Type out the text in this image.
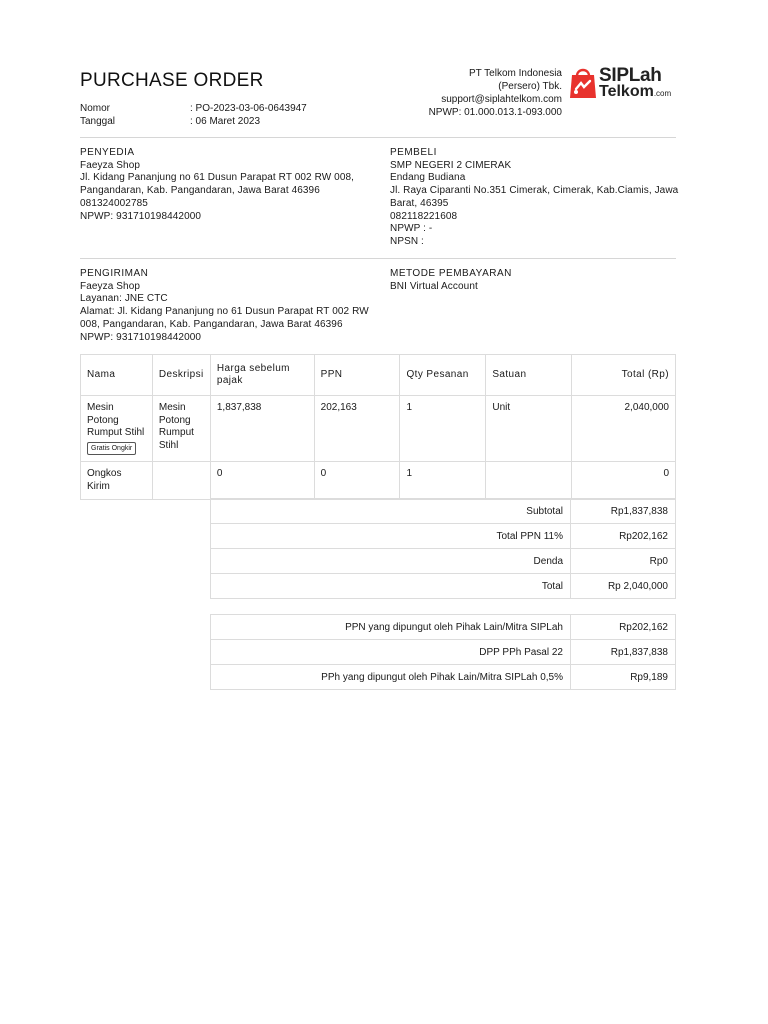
PURCHASE ORDER
Nomor	: PO-2023-03-06-0643947
Tanggal	: 06 Maret 2023
PT Telkom Indonesia
(Persero) Tbk.
support@siplahtelkom.com
NPWP: 01.000.013.1-093.000
SIPLah
Telkom.com
PENYEDIA
Faeyza Shop
Jl. Kidang Pananjung no 61 Dusun Parapat RT 002 RW 008,
Pangandaran, Kab. Pangandaran, Jawa Barat 46396
081324002785
NPWP: 931710198442000
PEMBELI
SMP NEGERI 2 CIMERAK
Endang Budiana
Jl. Raya Ciparanti No.351 Cimerak, Cimerak, Kab.Ciamis, Jawa
Barat, 46395
082118221608
NPWP : -
NPSN :
PENGIRIMAN
Faeyza Shop
Layanan: JNE CTC
Alamat: Jl. Kidang Pananjung no 61 Dusun Parapat RT 002 RW
008, Pangandaran, Kab. Pangandaran, Jawa Barat 46396
NPWP: 931710198442000
METODE PEMBAYARAN
BNI Virtual Account
Nama	Deskripsi	Harga sebelum pajak	PPN	Qty Pesanan	Satuan	Total (Rp)

Mesin Potong Rumput Stihl
Gratis Ongkir	Mesin Potong Rumput Stihl	1,837,838	202,163	1	Unit	2,040,000
Ongkos Kirim		0	0	1		0
Subtotal	Rp1,837,838
Total PPN 11%	Rp202,162
Denda	Rp0
Total	Rp 2,040,000
PPN yang dipungut oleh Pihak Lain/Mitra SIPLah	Rp202,162
DPP PPh Pasal 22	Rp1,837,838
PPh yang dipungut oleh Pihak Lain/Mitra SIPLah 0,5%	Rp9,189
